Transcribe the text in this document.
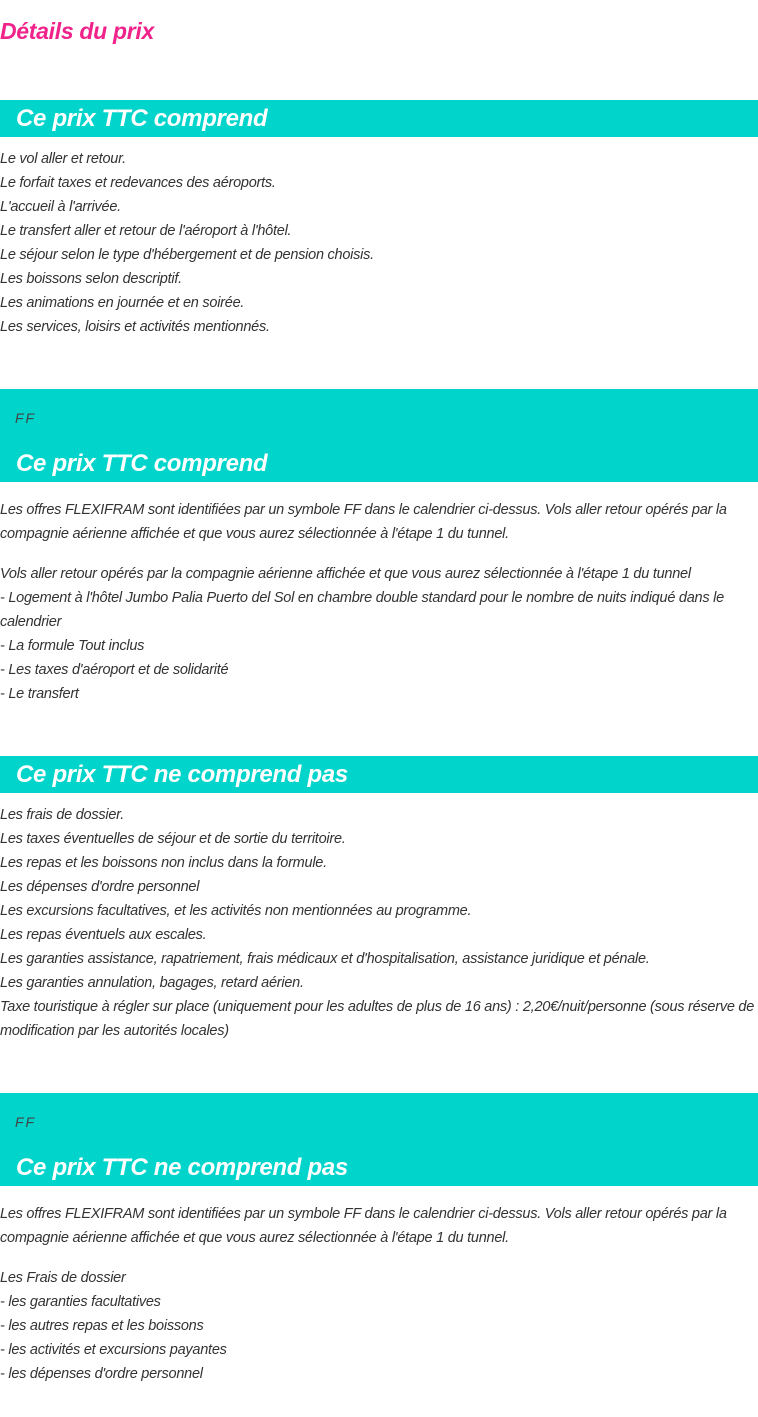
Détails du prix
Ce prix TTC comprend
Le vol aller et retour.
Le forfait taxes et redevances des aéroports.
L'accueil à l'arrivée.
Le transfert aller et retour de l'aéroport à l'hôtel.
Le séjour selon le type d'hébergement et de pension choisis.
Les boissons selon descriptif.
Les animations en journée et en soirée.
Les services, loisirs et activités mentionnés.
FF
Ce prix TTC comprend

Les offres FLEXIFRAM sont identifiées par un symbole FF dans le calendrier ci-dessus. Vols aller retour opérés par la compagnie aérienne affichée et que vous aurez sélectionnée à l'étape 1 du tunnel.

Vols aller retour opérés par la compagnie aérienne affichée et que vous aurez sélectionnée à l'étape 1 du tunnel
- Logement à l'hôtel Jumbo Palia Puerto del Sol en chambre double standard pour le nombre de nuits indiqué dans le calendrier
- La formule Tout inclus
- Les taxes d'aéroport et de solidarité
- Le transfert
Ce prix TTC ne comprend pas
Les frais de dossier.
Les taxes éventuelles de séjour et de sortie du territoire.
Les repas et les boissons non inclus dans la formule.
Les dépenses d'ordre personnel
Les excursions facultatives, et les activités non mentionnées au programme.
Les repas éventuels aux escales.
Les garanties assistance, rapatriement, frais médicaux et d'hospitalisation, assistance juridique et pénale.
Les garanties annulation, bagages, retard aérien.
Taxe touristique à régler sur place (uniquement pour les adultes de plus de 16 ans) : 2,20€/nuit/personne (sous réserve de modification par les autorités locales)
FF
Ce prix TTC ne comprend pas

Les offres FLEXIFRAM sont identifiées par un symbole FF dans le calendrier ci-dessus. Vols aller retour opérés par la compagnie aérienne affichée et que vous aurez sélectionnée à l'étape 1 du tunnel.

Les Frais de dossier
- les garanties facultatives
- les autres repas et les boissons
- les activités et excursions payantes
- les dépenses d'ordre personnel
